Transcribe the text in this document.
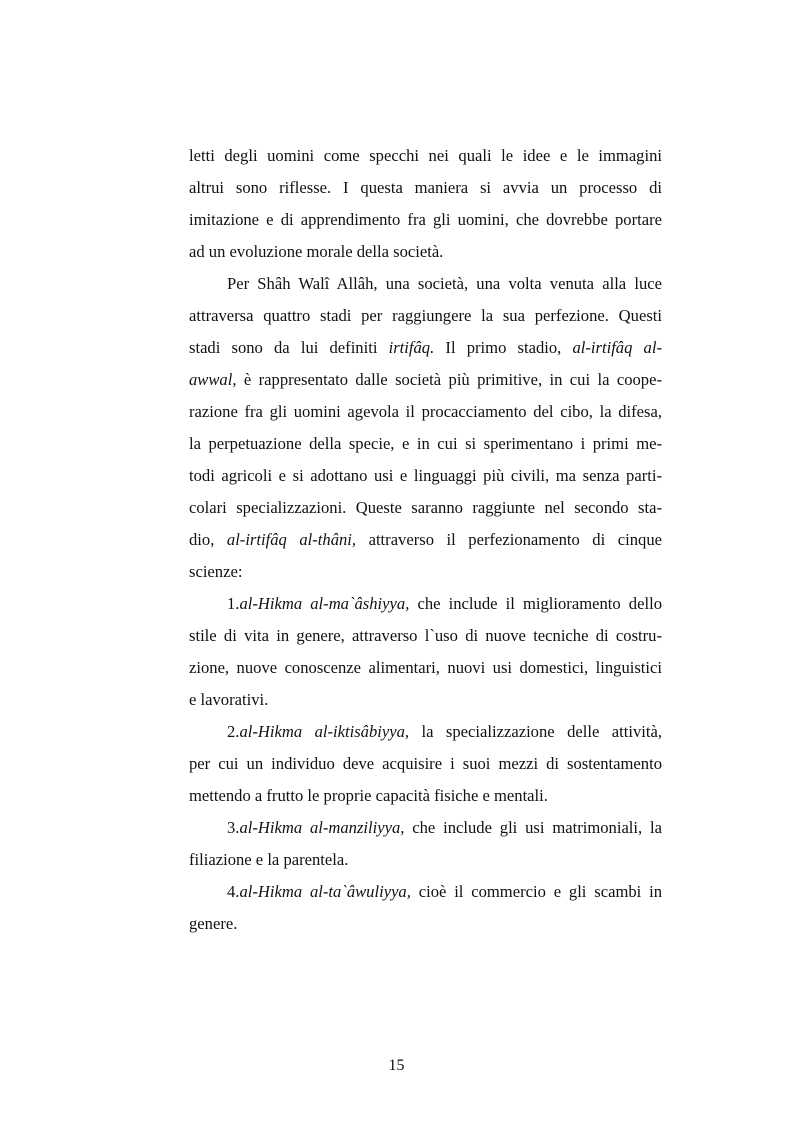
letti degli uomini come specchi nei quali le idee e le immagini
altrui sono riflesse. I questa maniera si avvia un processo di
imitazione e di apprendimento fra gli uomini, che dovrebbe portare
ad un evoluzione morale della società.
Per Shâh Walî Allâh, una società, una volta venuta alla luce
attraversa quattro stadi per raggiungere la sua perfezione. Questi
stadi sono da lui definiti irtifâq. Il primo stadio, al-irtifâq al-
awwal, è rappresentato dalle società più primitive, in cui la coope-
razione fra gli uomini agevola il procacciamento del cibo, la difesa,
la perpetuazione della specie, e in cui si sperimentano i primi me-
todi agricoli e si adottano usi e linguaggi più civili, ma senza parti-
colari specializzazioni. Queste saranno raggiunte nel secondo sta-
dio, al-irtifâq al-thâni, attraverso il perfezionamento di cinque
scienze:
1.al-Hikma al-ma`âshiyya, che include il miglioramento dello
stile di vita in genere, attraverso l`uso di nuove tecniche di costru-
zione, nuove conoscenze alimentari, nuovi usi domestici, linguistici
e lavorativi.
2.al-Hikma al-iktisâbiyya, la specializzazione delle attività,
per cui un individuo deve acquisire i suoi mezzi di sostentamento
mettendo a frutto le proprie capacità fisiche e mentali.
3.al-Hikma al-manziliyya, che include gli usi matrimoniali, la
filiazione e la parentela.
4.al-Hikma al-ta`âwuliyya, cioè il commercio e gli scambi in
genere.
15
